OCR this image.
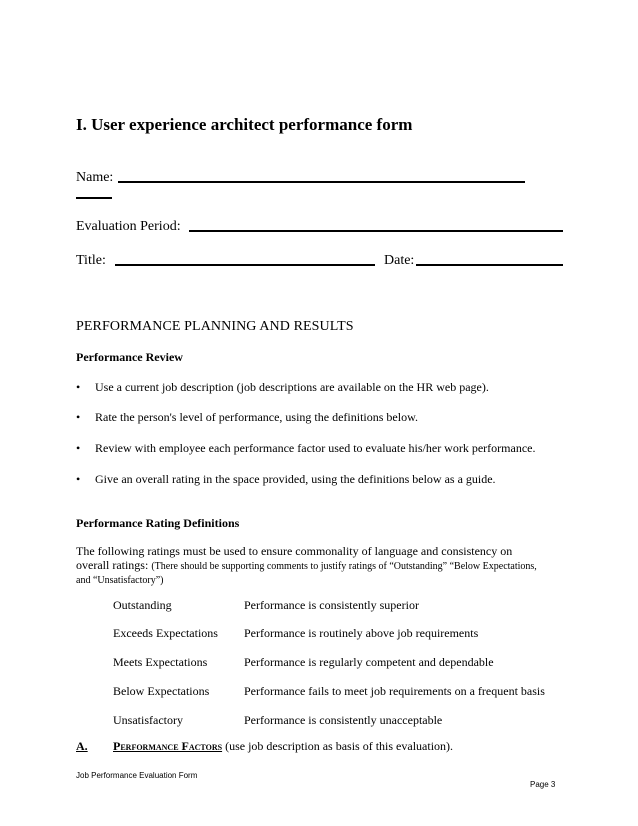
I. User experience architect performance form
Name:
Evaluation Period:
Title:	Date:
PERFORMANCE PLANNING AND RESULTS
Performance Review
• Use a current job description (job descriptions are available on the HR web page).
• Rate the person's level of performance, using the definitions below.
• Review with employee each performance factor used to evaluate his/her work performance.
• Give an overall rating in the space provided, using the definitions below as a guide.
Performance Rating Definitions
The following ratings must be used to ensure commonality of language and consistency on
overall ratings: (There should be supporting comments to justify ratings of “Outstanding” “Below Expectations,
and “Unsatisfactory”)
Outstanding	Performance is consistently superior
Exceeds Expectations Performance is routinely above job requirements
Meets Expectations	Performance is regularly competent and dependable
Below Expectations	Performance fails to meet job requirements on a frequent basis
Unsatisfactory	Performance is consistently unacceptable
A. Performance Factors (use job description as basis of this evaluation).
Job Performance Evaluation Form
Page 3
